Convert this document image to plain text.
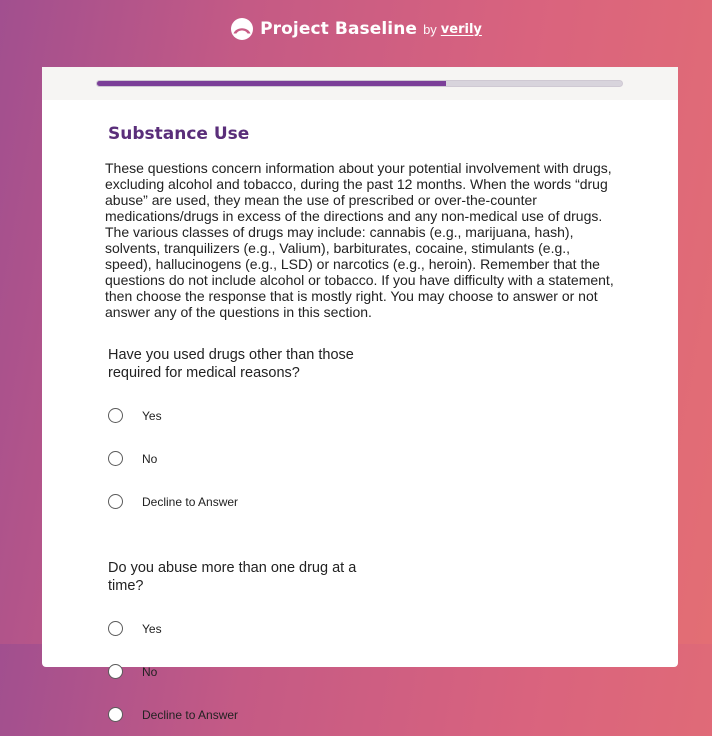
Project Baseline by verily
Substance Use
These questions concern information about your potential involvement with drugs, excluding alcohol and tobacco, during the past 12 months. When the words “drug abuse” are used, they mean the use of prescribed or over-the-counter medications/drugs in excess of the directions and any non-medical use of drugs. The various classes of drugs may include: cannabis (e.g., marijuana, hash), solvents, tranquilizers (e.g., Valium), barbiturates, cocaine, stimulants (e.g., speed), hallucinogens (e.g., LSD) or narcotics (e.g., heroin). Remember that the questions do not include alcohol or tobacco. If you have difficulty with a statement, then choose the response that is mostly right. You may choose to answer or not answer any of the questions in this section.
Have you used drugs other than those required for medical reasons?
Yes
No
Decline to Answer
Do you abuse more than one drug at a time?
Yes
No
Decline to Answer
